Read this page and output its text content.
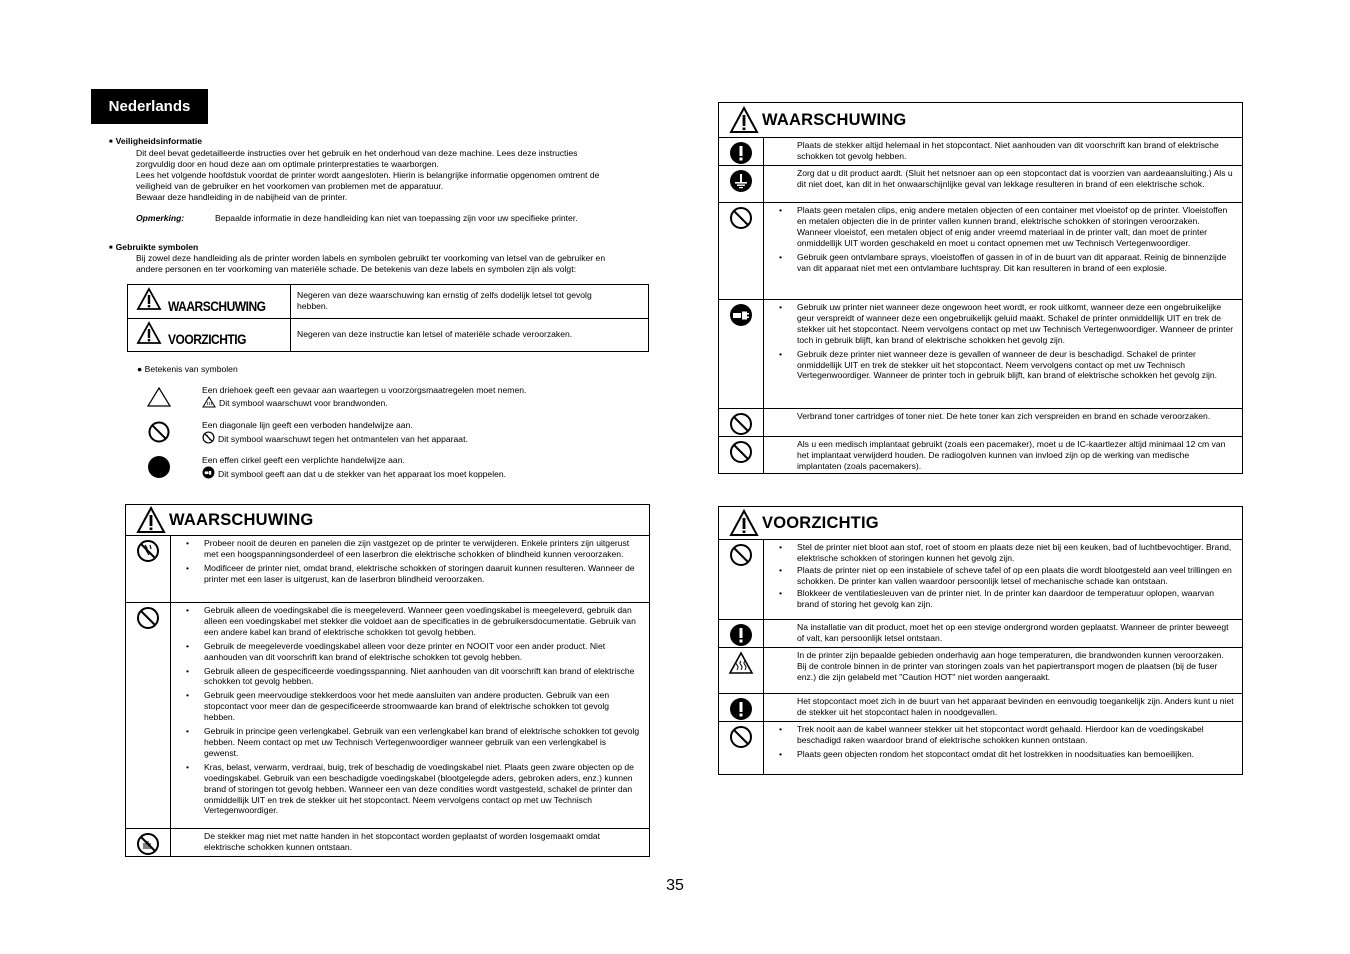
Nederlands
■ Veiligheidsinformatie
Dit deel bevat gedetailleerde instructies over het gebruik en het onderhoud van deze machine. Lees deze instructies
zorgvuldig door en houd deze aan om optimale printerprestaties te waarborgen.
Lees het volgende hoofdstuk voordat de printer wordt aangesloten. Hierin is belangrijke informatie opgenomen omtrent de
veiligheid van de gebruiker en het voorkomen van problemen met de apparatuur.
Bewaar deze handleiding in de nabijheid van de printer.
Opmerking:	Bepaalde informatie in deze handleiding kan niet van toepassing zijn voor uw specifieke printer.
■ Gebruikte symbolen
Bij zowel deze handleiding als de printer worden labels en symbolen gebruikt ter voorkoming van letsel van de gebruiker en
andere personen en ter voorkoming van materiële schade. De betekenis van deze labels en symbolen zijn als volgt:
WAARSCHUWING	Negeren van deze waarschuwing kan ernstig of zelfs dodelijk letsel tot gevolg
hebben.
VOORZICHTIG	Negeren van deze instructie kan letsel of materiële schade veroorzaken.
● Betekenis van symbolen
Een driehoek geeft een gevaar aan waartegen u voorzorgsmaatregelen moet nemen.
Dit symbool waarschuwt voor brandwonden.
Een diagonale lijn geeft een verboden handelwijze aan.
Dit symbool waarschuwt tegen het ontmantelen van het apparaat.
Een effen cirkel geeft een verplichte handelwijze aan.
Dit symbool geeft aan dat u de stekker van het apparaat los moet koppelen.
WAARSCHUWING
• Probeer nooit de deuren en panelen die zijn vastgezet op de printer te verwijderen. Enkele printers zijn uitgerust met een hoogspanningsonderdeel of een laserbron die elektrische schokken of blindheid kunnen veroorzaken.
• Modificeer de printer niet, omdat brand, elektrische schokken of storingen daaruit kunnen resulteren. Wanneer de printer met een laser is uitgerust, kan de laserbron blindheid veroorzaken.
• Gebruik alleen de voedingskabel die is meegeleverd. Wanneer geen voedingskabel is meegeleverd, gebruik dan alleen een voedingskabel met stekker die voldoet aan de specificaties in de gebruikersdocumentatie. Gebruik van een andere kabel kan brand of elektrische schokken tot gevolg hebben.
• Gebruik de meegeleverde voedingskabel alleen voor deze printer en NOOIT voor een ander product. Niet aanhouden van dit voorschrift kan brand of elektrische schokken tot gevolg hebben.
• Gebruik alleen de gespecificeerde voedingsspanning. Niet aanhouden van dit voorschrift kan brand of elektrische schokken tot gevolg hebben.
• Gebruik geen meervoudige stekkerdoos voor het mede aansluiten van andere producten. Gebruik van een stopcontact voor meer dan de gespecificeerde stroomwaarde kan brand of elektrische schokken tot gevolg hebben.
• Gebruik in principe geen verlengkabel. Gebruik van een verlengkabel kan brand of elektrische schokken tot gevolg hebben. Neem contact op met uw Technisch Vertegenwoordiger wanneer gebruik van een verlengkabel is gewenst.
• Kras, belast, verwarm, verdraai, buig, trek of beschadig de voedingskabel niet. Plaats geen zware objecten op de voedingskabel. Gebruik van een beschadigde voedingskabel (blootgelegde aders, gebroken aders, enz.) kunnen brand of storingen tot gevolg hebben. Wanneer een van deze condities wordt vastgesteld, schakel de printer dan onmiddellijk UIT en trek de stekker uit het stopcontact. Neem vervolgens contact op met uw Technisch Vertegenwoordiger.
De stekker mag niet met natte handen in het stopcontact worden geplaatst of worden losgemaakt omdat elektrische schokken kunnen ontstaan.
WAARSCHUWING
Plaats de stekker altijd helemaal in het stopcontact. Niet aanhouden van dit voorschrift kan brand of elektrische schokken tot gevolg hebben.
Zorg dat u dit product aardt. (Sluit het netsnoer aan op een stopcontact dat is voorzien van aardeaansluiting.) Als u dit niet doet, kan dit in het onwaarschijnlijke geval van lekkage resulteren in brand of een elektrische schok.
• Plaats geen metalen clips, enig andere metalen objecten of een container met vloeistof op de printer. Vloeistoffen en metalen objecten die in de printer vallen kunnen brand, elektrische schokken of storingen veroorzaken. Wanneer vloeistof, een metalen object of enig ander vreemd materiaal in de printer valt, dan moet de printer onmiddellijk UIT worden geschakeld en moet u contact opnemen met uw Technisch Vertegenwoordiger.
• Gebruik geen ontvlambare sprays, vloeistoffen of gassen in of in de buurt van dit apparaat. Reinig de binnenzijde van dit apparaat niet met een ontvlambare luchtspray. Dit kan resulteren in brand of een explosie.
• Gebruik uw printer niet wanneer deze ongewoon heet wordt, er rook uitkomt, wanneer deze een ongebruikelijke geur verspreidt of wanneer deze een ongebruikelijk geluid maakt. Schakel de printer onmiddellijk UIT en trek de stekker uit het stopcontact. Neem vervolgens contact op met uw Technisch Vertegenwoordiger. Wanneer de printer toch in gebruik blijft, kan brand of elektrische schokken het gevolg zijn.
• Gebruik deze printer niet wanneer deze is gevallen of wanneer de deur is beschadigd. Schakel de printer onmiddellijk UIT en trek de stekker uit het stopcontact. Neem vervolgens contact op met uw Technisch Vertegenwoordiger. Wanneer de printer toch in gebruik blijft, kan brand of elektrische schokken het gevolg zijn.
Verbrand toner cartridges of toner niet. De hete toner kan zich verspreiden en brand en schade veroorzaken.
Als u een medisch implantaat gebruikt (zoals een pacemaker), moet u de IC-kaartlezer altijd minimaal 12 cm van het implantaat verwijderd houden. De radiogolven kunnen van invloed zijn op de werking van medische implantaten (zoals pacemakers).
VOORZICHTIG
• Stel de printer niet bloot aan stof, roet of stoom en plaats deze niet bij een keuken, bad of luchtbevochtiger. Brand, elektrische schokken of storingen kunnen het gevolg zijn.
• Plaats de printer niet op een instabiele of scheve tafel of op een plaats die wordt blootgesteld aan veel trillingen en schokken. De printer kan vallen waardoor persoonlijk letsel of mechanische schade kan ontstaan.
• Blokkeer de ventilatiesleuven van de printer niet. In de printer kan daardoor de temperatuur oplopen, waarvan brand of storing het gevolg kan zijn.
Na installatie van dit product, moet het op een stevige ondergrond worden geplaatst. Wanneer de printer beweegt of valt, kan persoonlijk letsel ontstaan.
In de printer zijn bepaalde gebieden onderhavig aan hoge temperaturen, die brandwonden kunnen veroorzaken.
Bij de controle binnen in de printer van storingen zoals van het papiertransport mogen de plaatsen (bij de fuser enz.) die zijn gelabeld met "Caution HOT" niet worden aangeraakt.
Het stopcontact moet zich in de buurt van het apparaat bevinden en eenvoudig toegankelijk zijn. Anders kunt u niet de stekker uit het stopcontact halen in noodgevallen.
• Trek nooit aan de kabel wanneer stekker uit het stopcontact wordt gehaald. Hierdoor kan de voedingskabel beschadigd raken waardoor brand of elektrische schokken kunnen ontstaan.
• Plaats geen objecten rondom het stopcontact omdat dit het lostrekken in noodsituaties kan bemoeilijken.
35
